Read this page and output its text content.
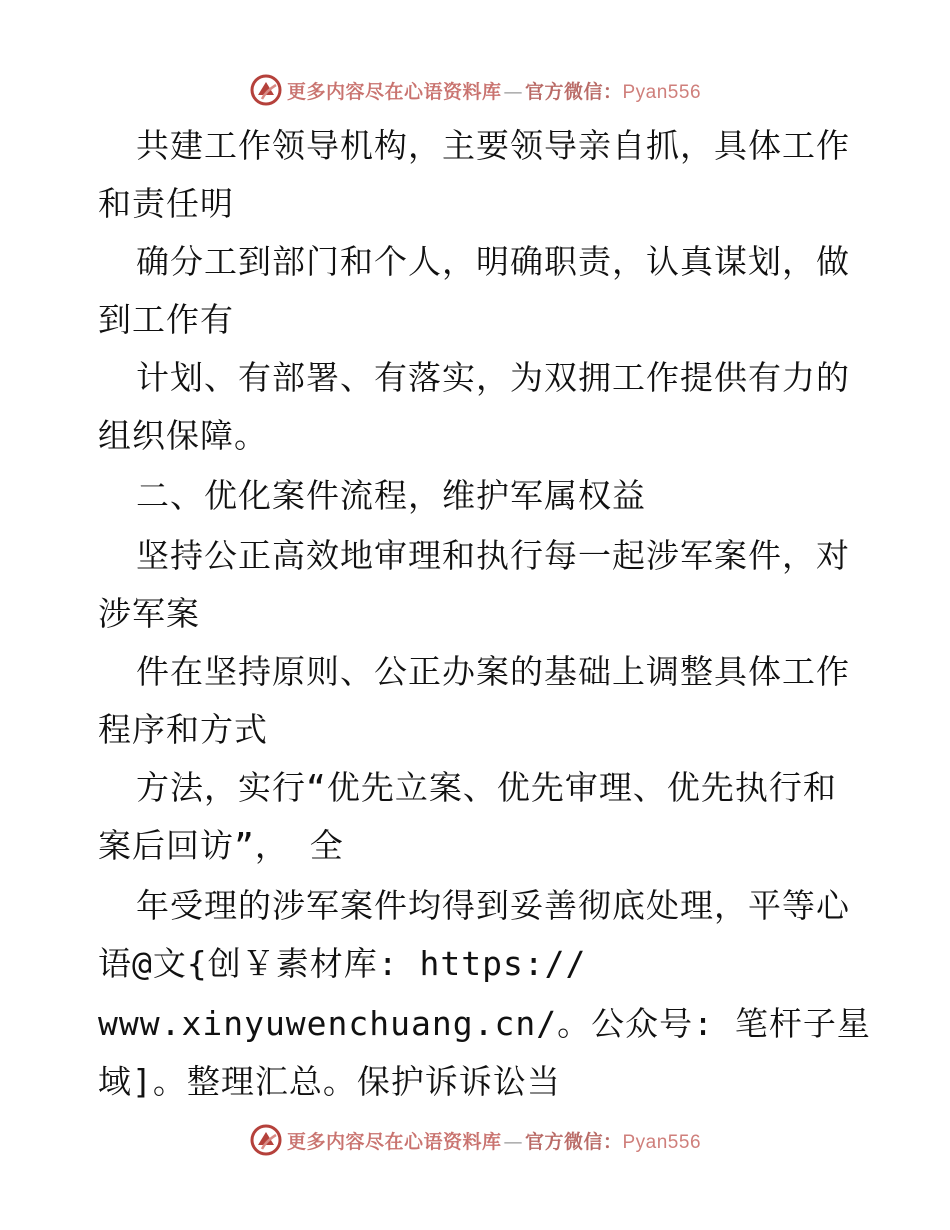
更多内容尽在心语资料库 — 官方微信：Pyan556
共建工作领导机构，主要领导亲自抓，具体工作
和责任明
确分工到部门和个人，明确职责，认真谋划，做
到工作有
计划、有部署、有落实，为双拥工作提供有力的
组织保障。
二、优化案件流程，维护军属权益
坚持公正高效地审理和执行每一起涉军案件，对
涉军案
件在坚持原则、公正办案的基础上调整具体工作
程序和方式
方法，实行“优先立案、优先审理、优先执行和
案后回访”， 全
年受理的涉军案件均得到妥善彻底处理，平等心
语@文{创￥素材库: https://
www.xinyuwenchuang.cn/。公众号: 笔杆子星
域]。整理汇总。保护诉诉讼当
更多内容尽在心语资料库 — 官方微信：Pyan556
